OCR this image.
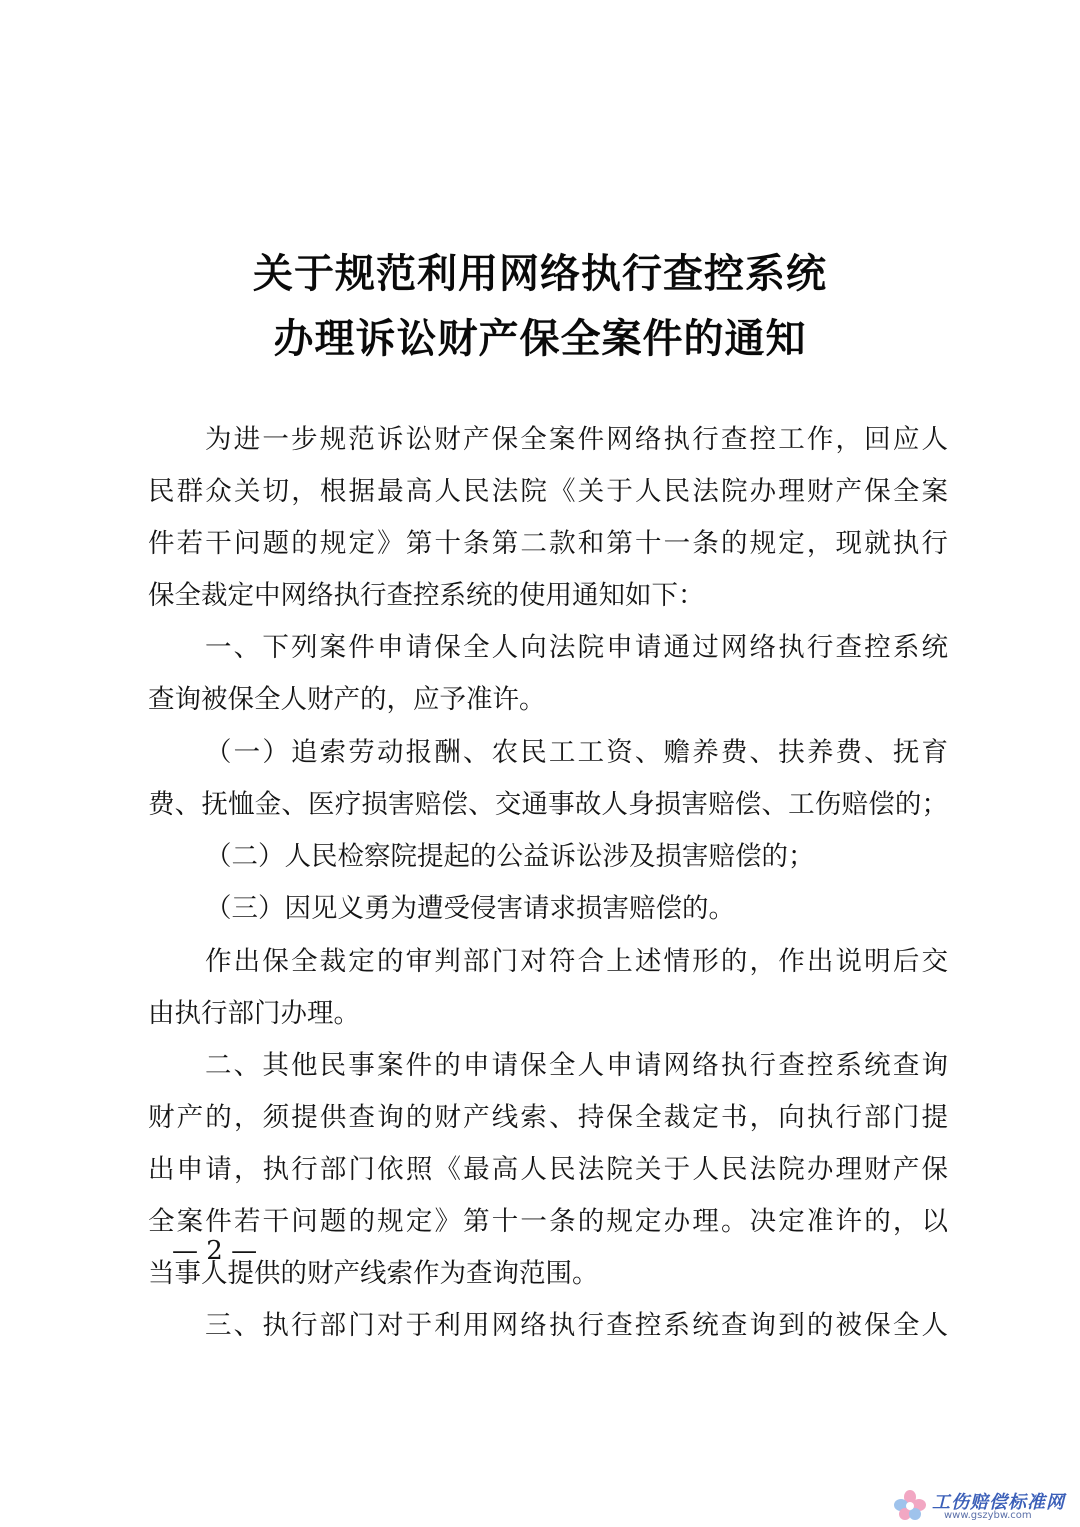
关于规范利用网络执行查控系统
办理诉讼财产保全案件的通知
为进一步规范诉讼财产保全案件网络执行查控工作，回应人
民群众关切，根据最高人民法院《关于人民法院办理财产保全案
件若干问题的规定》第十条第二款和第十一条的规定，现就执行
保全裁定中网络执行查控系统的使用通知如下：
一、下列案件申请保全人向法院申请通过网络执行查控系统
查询被保全人财产的，应予准许。
（一）追索劳动报酬、农民工工资、赡养费、扶养费、抚育
费、抚恤金、医疗损害赔偿、交通事故人身损害赔偿、工伤赔偿的；
（二）人民检察院提起的公益诉讼涉及损害赔偿的；
（三）因见义勇为遭受侵害请求损害赔偿的。
作出保全裁定的审判部门对符合上述情形的，作出说明后交
由执行部门办理。
二、其他民事案件的申请保全人申请网络执行查控系统查询
财产的，须提供查询的财产线索、持保全裁定书，向执行部门提
出申请，执行部门依照《最高人民法院关于人民法院办理财产保
全案件若干问题的规定》第十一条的规定办理。决定准许的，以
当事人提供的财产线索作为查询范围。
三、执行部门对于利用网络执行查控系统查询到的被保全人
— 2 —
工伤赔偿标准网
www.gszybw.com
